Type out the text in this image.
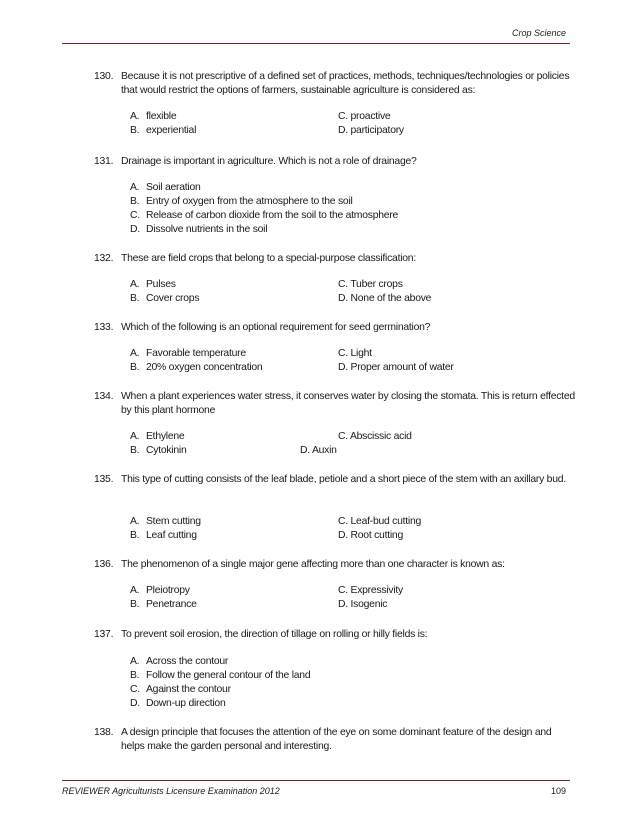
Crop Science
130. Because it is not prescriptive of a defined set of practices, methods, techniques/technologies or policies that would restrict the options of farmers, sustainable agriculture is considered as:
A. flexible	C. proactive
B. experiential	D. participatory
131. Drainage is important in agriculture. Which is not a role of drainage?
A. Soil aeration
B. Entry of oxygen from the atmosphere to the soil
C. Release of carbon dioxide from the soil to the atmosphere
D. Dissolve nutrients in the soil
132. These are field crops that belong to a special-purpose classification:
A. Pulses	C. Tuber crops
B. Cover crops	D. None of the above
133. Which of the following is an optional requirement for seed germination?
A. Favorable temperature	C. Light
B. 20% oxygen concentration	D. Proper amount of water
134. When a plant experiences water stress, it conserves water by closing the stomata. This is return effected by this plant hormone
A. Ethylene	C. Abscissic acid
B. Cytokinin	D. Auxin
135. This type of cutting consists of the leaf blade, petiole and a short piece of the stem with an axillary bud.
A. Stem cutting	C. Leaf-bud cutting
B. Leaf cutting	D. Root cutting
136. The phenomenon of a single major gene affecting more than one character is known as:
A. Pleiotropy	C. Expressivity
B. Penetrance	D. Isogenic
137. To prevent soil erosion, the direction of tillage on rolling or hilly fields is:
A. Across the contour
B. Follow the general contour of the land
C. Against the contour
D. Down-up direction
138. A design principle that focuses the attention of the eye on some dominant feature of the design and helps make the garden personal and interesting.
REVIEWER Agriculturists Licensure Examination 2012	109
